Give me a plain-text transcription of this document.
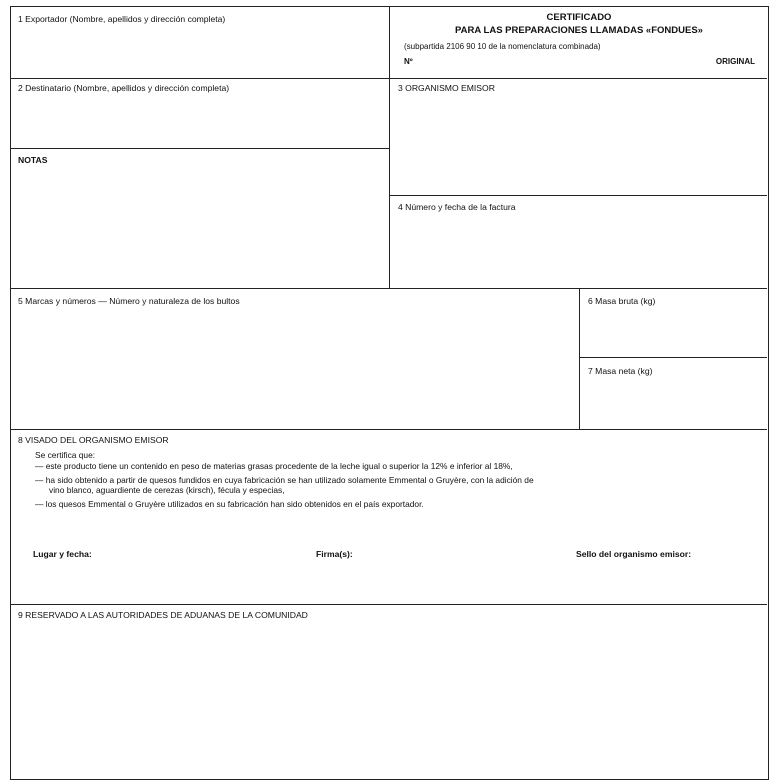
1 Exportador (Nombre, apellidos y dirección completa)	CERTIFICADO
PARA LAS PREPARACIONES LLAMADAS «FONDUES»
(subpartida 2106 90 10 de la nomenclatura combinada)
Nº	ORIGINAL
2 Destinatario (Nombre, apellidos y dirección completa)
NOTAS
3 ORGANISMO EMISOR
4 Número y fecha de la factura
5 Marcas y números — Número y naturaleza de los bultos	6 Masa bruta (kg)
7 Masa neta (kg)
8 VISADO DEL ORGANISMO EMISOR
Se certifica que:
— este producto tiene un contenido en peso de materias grasas procedente de la leche igual o superior la 12% e inferior al 18%,
— ha sido obtenido a partir de quesos fundidos en cuya fabricación se han utilizado solamente Emmental o Gruyère, con la adición de
vino blanco, aguardiente de cerezas (kirsch), fécula y especias,
— los quesos Emmental o Gruyère utilizados en su fabricación han sido obtenidos en el país exportador.
Lugar y fecha:	Firma(s):	Sello del organismo emisor:
9 RESERVADO A LAS AUTORIDADES DE ADUANAS DE LA COMUNIDAD
